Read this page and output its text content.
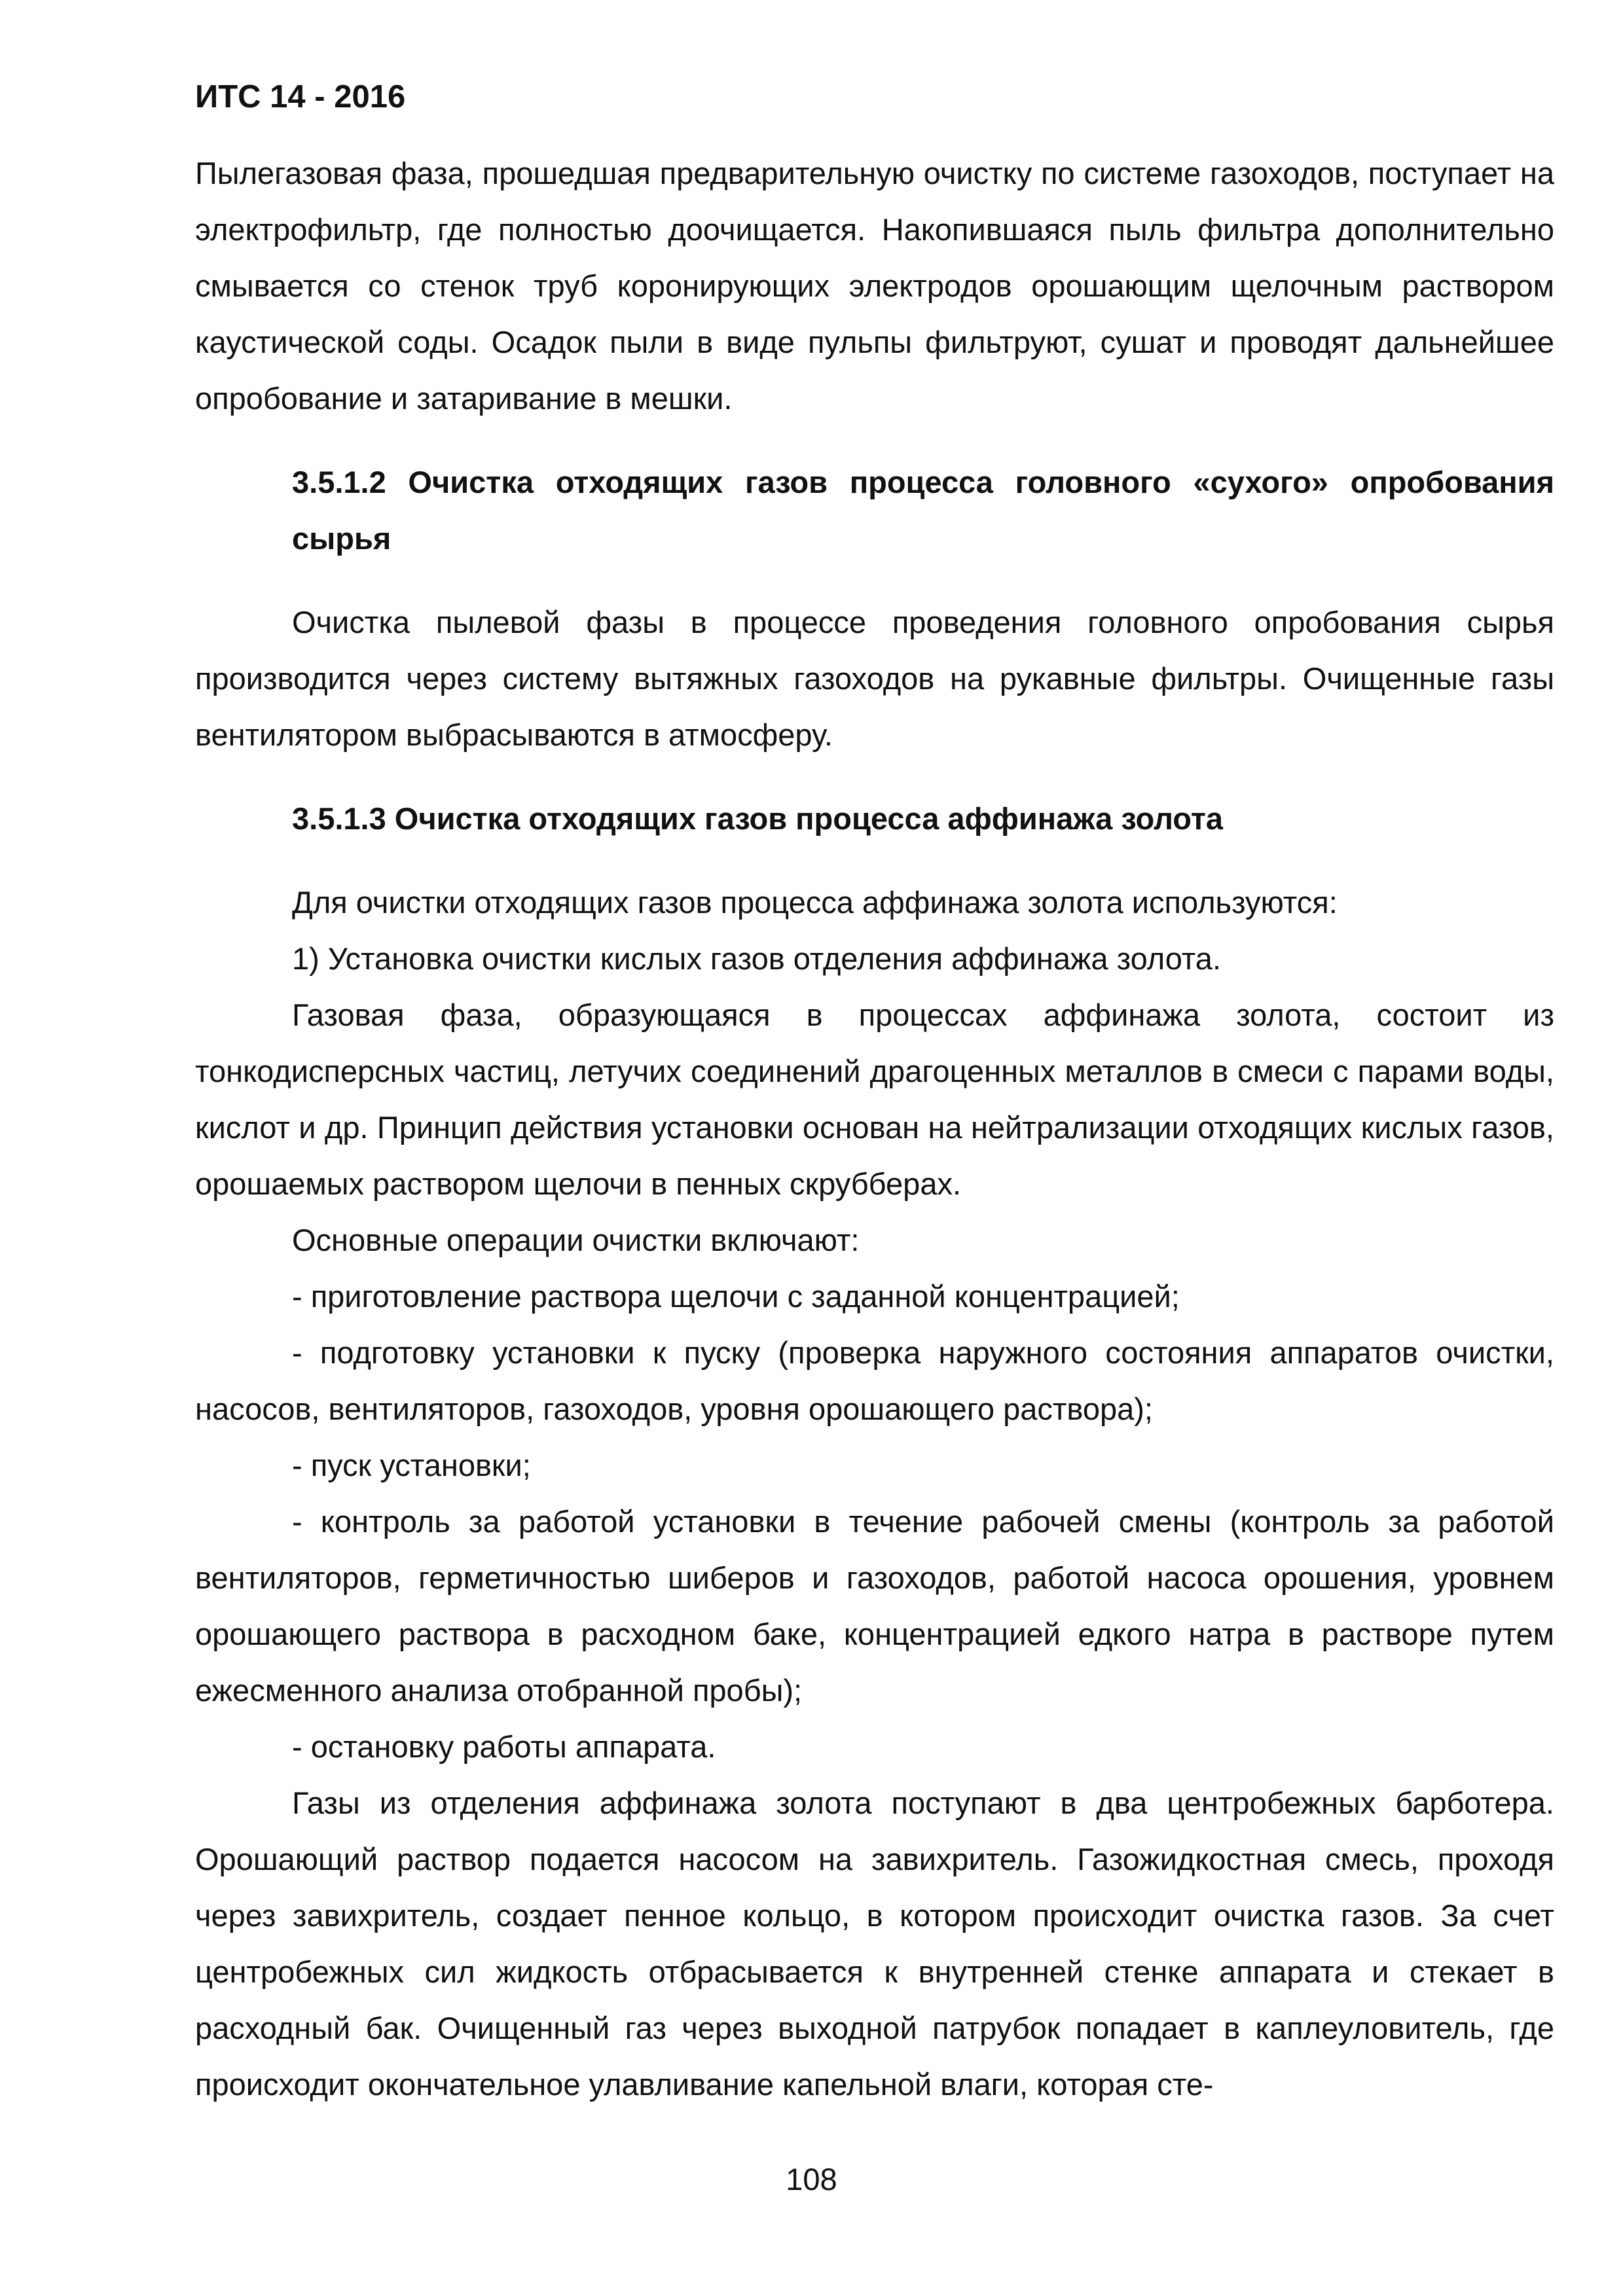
ИТС 14 - 2016

Пылегазовая фаза, прошедшая предварительную очистку по системе газоходов, поступает на электрофильтр, где полностью доочищается. Накопившаяся пыль фильтра дополнительно смывается со стенок труб коронирующих электродов орошающим щелочным раствором каустической соды. Осадок пыли в виде пульпы фильтруют, сушат и проводят дальнейшее опробование и затаривание в мешки.

3.5.1.2 Очистка отходящих газов процесса головного «сухого» опробования сырья

Очистка пылевой фазы в процессе проведения головного опробования сырья производится через систему вытяжных газоходов на рукавные фильтры. Очищенные газы вентилятором выбрасываются в атмосферу.

3.5.1.3 Очистка отходящих газов процесса аффинажа золота

Для очистки отходящих газов процесса аффинажа золота используются:

1) Установка очистки кислых газов отделения аффинажа золота.

Газовая фаза, образующаяся в процессах аффинажа золота, состоит из тонкодисперсных частиц, летучих соединений драгоценных металлов в смеси с парами воды, кислот и др. Принцип действия установки основан на нейтрализации отходящих кислых газов, орошаемых раствором щелочи в пенных скрубберах.

Основные операции очистки включают:

- приготовление раствора щелочи с заданной концентрацией;

- подготовку установки к пуску (проверка наружного состояния аппаратов очистки, насосов, вентиляторов, газоходов, уровня орошающего раствора);

- пуск установки;

- контроль за работой установки в течение рабочей смены (контроль за работой вентиляторов, герметичностью шиберов и газоходов, работой насоса орошения, уровнем орошающего раствора в расходном баке, концентрацией едкого натра в растворе путем ежесменного анализа отобранной пробы);

- остановку работы аппарата.

Газы из отделения аффинажа золота поступают в два центробежных барботера. Орошающий раствор подается насосом на завихритель. Газожидкостная смесь, проходя через завихритель, создает пенное кольцо, в котором происходит очистка газов. За счет центробежных сил жидкость отбрасывается к внутренней стенке аппарата и стекает в расходный бак. Очищенный газ через выходной патрубок попадает в каплеуловитель, где происходит окончательное улавливание капельной влаги, которая сте-

108
